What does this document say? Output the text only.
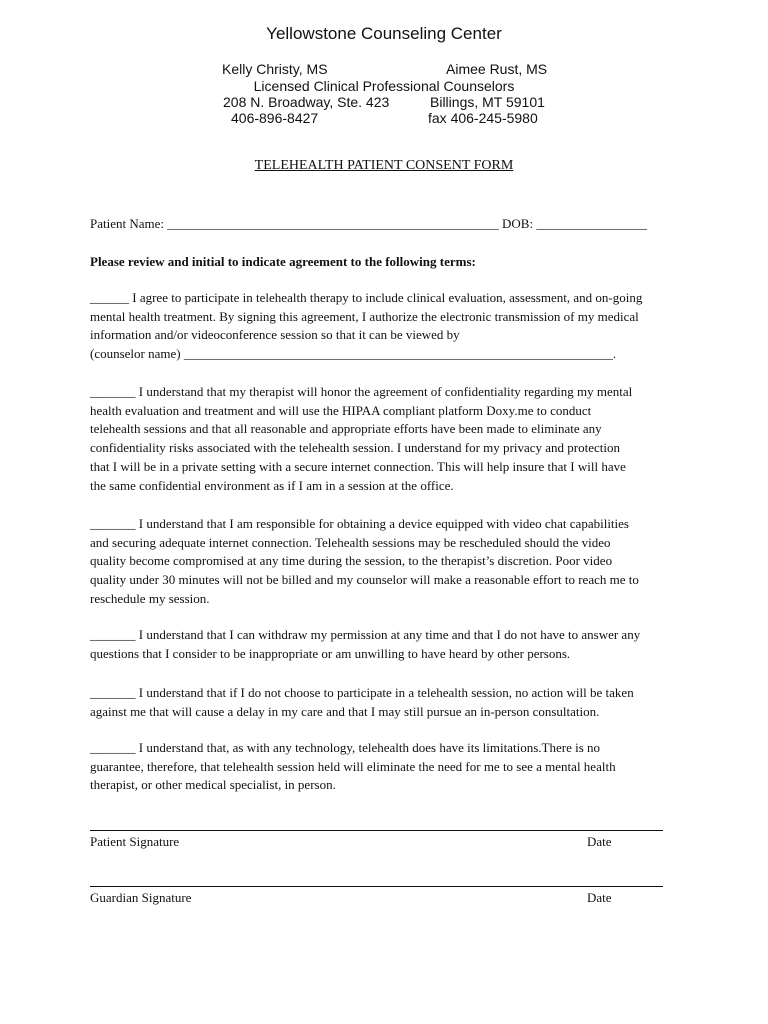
Yellowstone Counseling Center
Kelly Christy, MS	Aimee Rust, MS
Licensed Clinical Professional Counselors
208 N. Broadway, Ste. 423	Billings, MT 59101
406-896-8427	fax 406-245-5980
TELEHEALTH PATIENT CONSENT FORM
Patient Name: ___________________________________________________ DOB: _________________
Please review and initial to indicate agreement to the following terms:
______ I agree to participate in telehealth therapy to include clinical evaluation, assessment, and on-going
mental health treatment. By signing this agreement, I authorize the electronic transmission of my medical
information and/or videoconference session so that it can be viewed by
(counselor name) __________________________________________________________________.
_______ I understand that my therapist will honor the agreement of confidentiality regarding my mental
health evaluation and treatment and will use the HIPAA compliant platform Doxy.me to conduct
telehealth sessions and that all reasonable and appropriate efforts have been made to eliminate any
confidentiality risks associated with the telehealth session. I understand for my privacy and protection
that I will be in a private setting with a secure internet connection. This will help insure that I will have
the same confidential environment as if I am in a session at the office.
_______ I understand that I am responsible for obtaining a device equipped with video chat capabilities
and securing adequate internet connection. Telehealth sessions may be rescheduled should the video
quality become compromised at any time during the session, to the therapist’s discretion. Poor video
quality under 30 minutes will not be billed and my counselor will make a reasonable effort to reach me to
reschedule my session.
_______ I understand that I can withdraw my permission at any time and that I do not have to answer any
questions that I consider to be inappropriate or am unwilling to have heard by other persons.
_______ I understand that if I do not choose to participate in a telehealth session, no action will be taken
against me that will cause a delay in my care and that I may still pursue an in-person consultation.
_______ I understand that, as with any technology, telehealth does have its limitations.There is no
guarantee, therefore, that telehealth session held will eliminate the need for me to see a mental health
therapist, or other medical specialist, in person.
Patient Signature	Date
Guardian Signature	Date
